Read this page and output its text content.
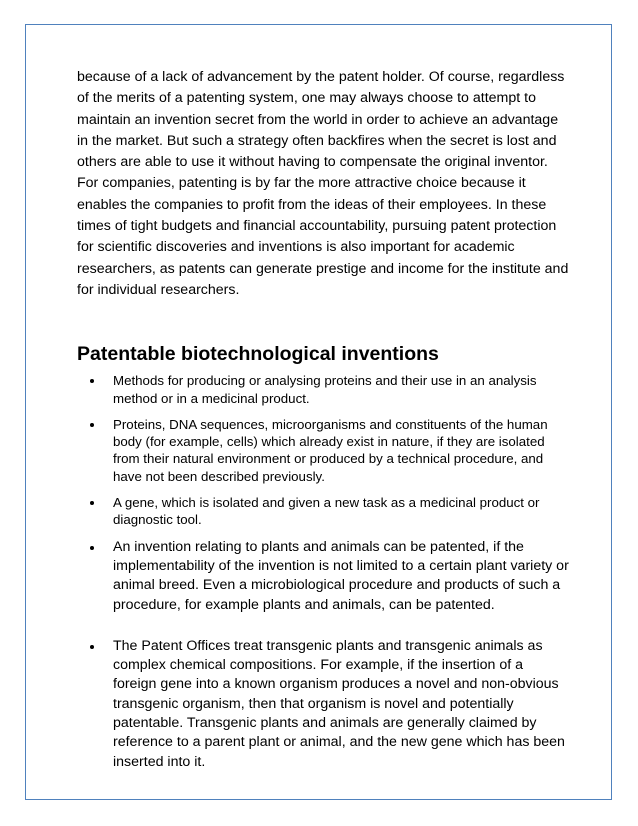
because of a lack of advancement by the patent holder. Of course, regardless of the merits of a patenting system, one may always choose to attempt to maintain an invention secret from the world in order to achieve an advantage in the market. But such a strategy often backfires when the secret is lost and others are able to use it without having to compensate the original inventor. For companies, patenting is by far the more attractive choice because it enables the companies to profit from the ideas of their employees. In these times of tight budgets and financial accountability, pursuing patent protection for scientific discoveries and inventions is also important for academic researchers, as patents can generate prestige and income for the institute and for individual researchers.

Patentable biotechnological inventions
Methods for producing or analysing proteins and their use in an analysis method or in a medicinal product.
Proteins, DNA sequences, microorganisms and constituents of the human body (for example, cells) which already exist in nature, if they are isolated from their natural environment or produced by a technical procedure, and have not been described previously.
A gene, which is isolated and given a new task as a medicinal product or diagnostic tool.
An invention relating to plants and animals can be patented, if the implementability of the invention is not limited to a certain plant variety or animal breed. Even a microbiological procedure and products of such a procedure, for example plants and animals, can be patented.
The Patent Offices treat transgenic plants and transgenic animals as complex chemical compositions. For example, if the insertion of a foreign gene into a known organism produces a novel and non-obvious transgenic organism, then that organism is novel and potentially patentable. Transgenic plants and animals are generally claimed by reference to a parent plant or animal, and the new gene which has been inserted into it.
